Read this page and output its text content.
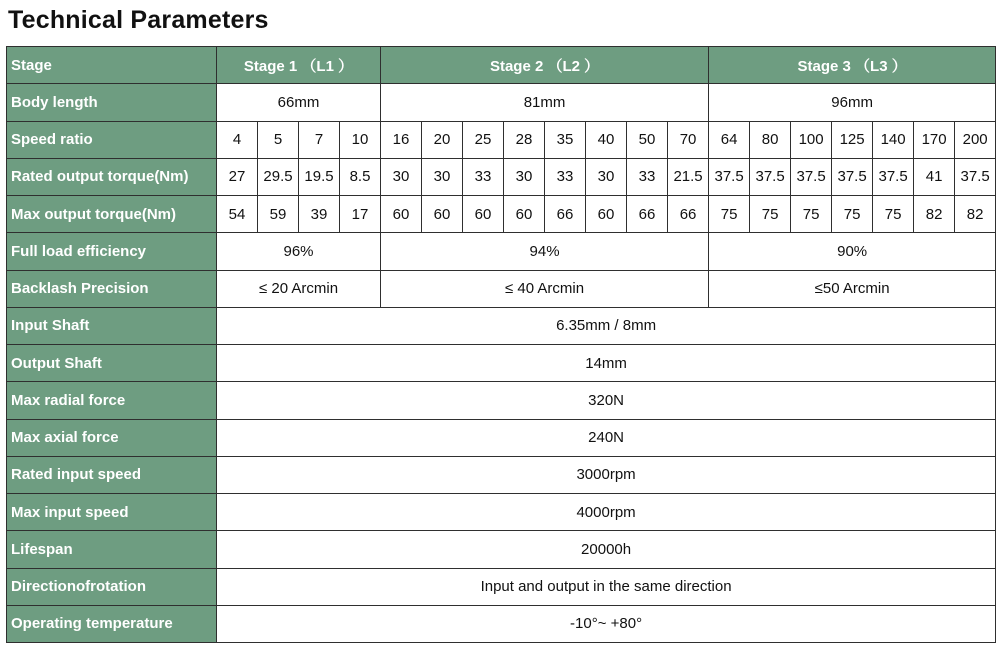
Technical Parameters
Stage	Stage 1 （L1 ）				Stage 2 （L2 ）								Stage 3 （L3 ）						
Body length	66mm				81mm								96mm						
Speed ratio	4	5	7	10	16	20	25	28	35	40	50	70	64	80	100	125	140	170	200
Rated output torque(Nm)	27	29.5	19.5	8.5	30	30	33	30	33	30	33	21.5	37.5	37.5	37.5	37.5	37.5	41	37.5
Max output torque(Nm)	54	59	39	17	60	60	60	60	66	60	66	66	75	75	75	75	75	82	82
Full load efficiency	96%				94%								90%						
Backlash Precision	≤ 20 Arcmin				≤ 40 Arcmin								≤50 Arcmin						
Input Shaft	6.35mm / 8mm																		
Output Shaft	14mm																		
Max radial force	320N																		
Max axial force	240N																		
Rated input speed	3000rpm																		
Max input speed	4000rpm																		
Lifespan	20000h																		
Directionofrotation	Input and output in the same direction																		
Operating temperature	-10°~ +80°																		
